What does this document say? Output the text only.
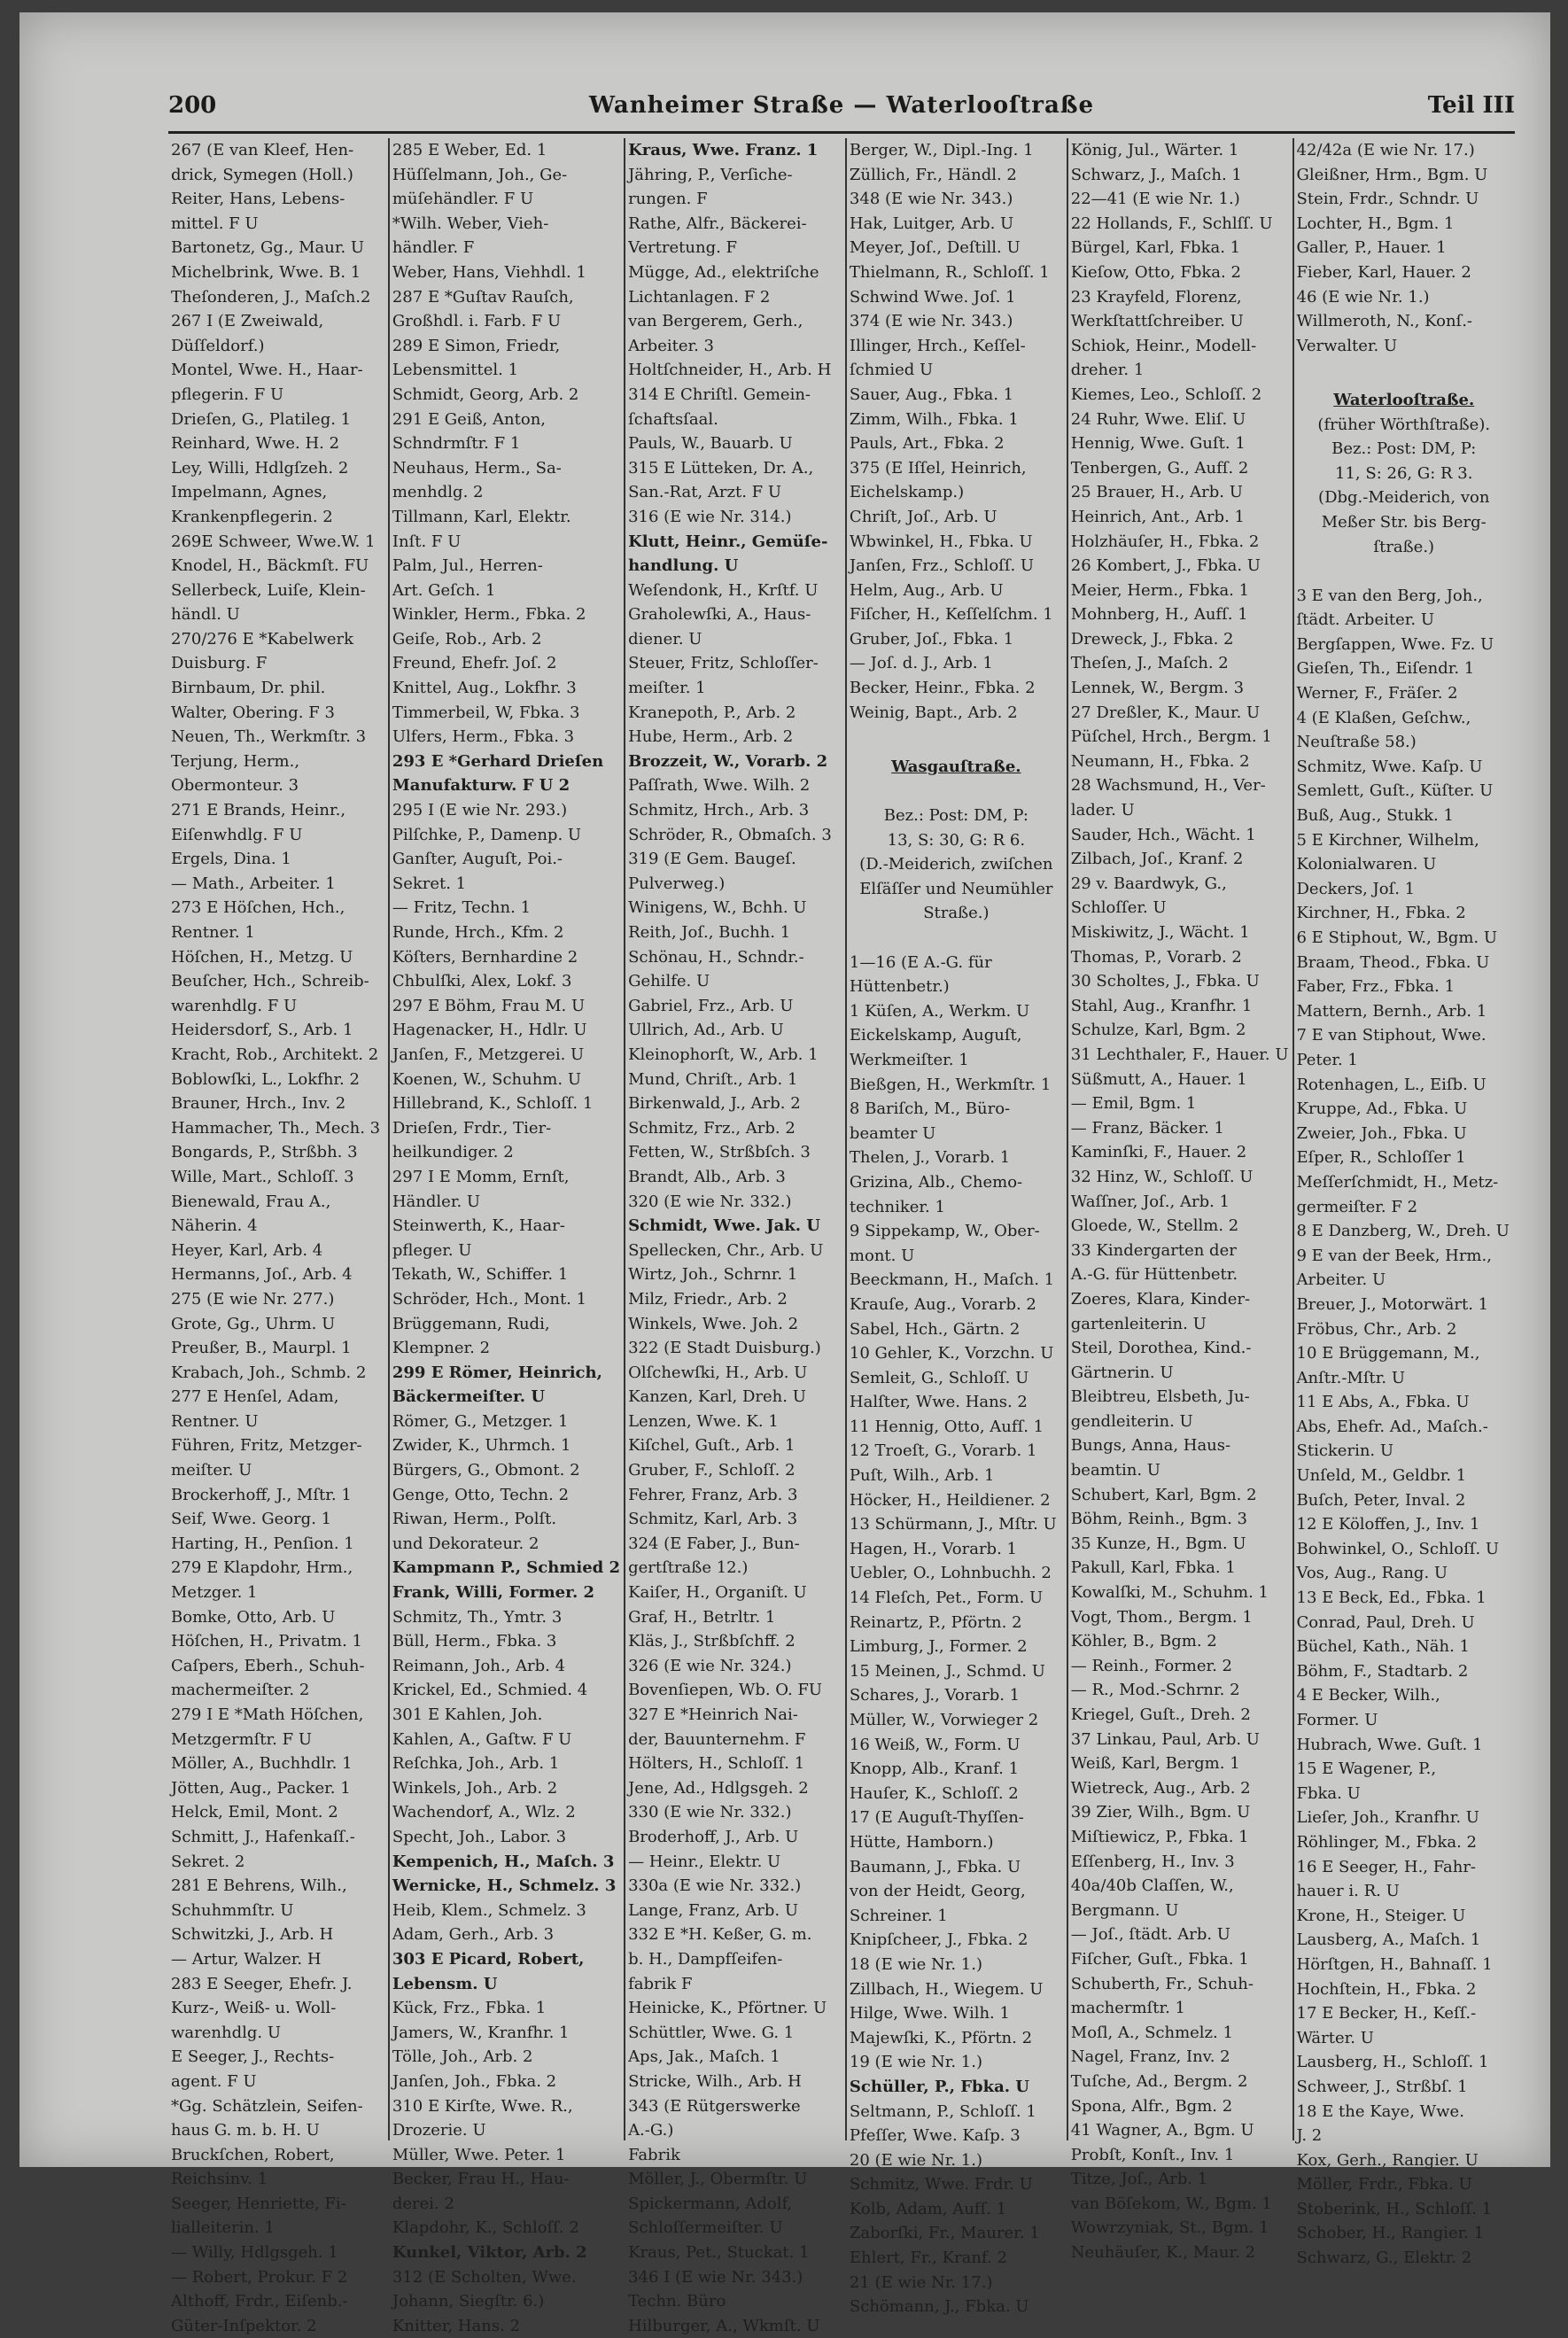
200	Wanheimer Straße — Waterlooſtraße	Teil III
267 (E van Kleef, Hen-
drick, Symegen (Holl.)
Reiter, Hans, Lebens-
mittel. F U
Bartonetz, Gg., Maur. U
Michelbrink, Wwe. B. 1
Theſonderen, J., Maſch.2
267 I (E Zweiwald,
Düſſeldorf.)
Montel, Wwe. H., Haar-
pflegerin. F U
Drieſen, G., Platileg. 1
Reinhard, Wwe. H. 2
Ley, Willi, Hdlgſzeh. 2
Impelmann, Agnes,
Krankenpflegerin. 2
269E Schweer, Wwe.W. 1
Knodel, H., Bäckmſt. FU
Sellerbeck, Luiſe, Klein-
händl. U
270/276 E *Kabelwerk
Duisburg. F
Birnbaum, Dr. phil.
Walter, Obering. F 3
Neuen, Th., Werkmſtr. 3
Terjung, Herm.,
Obermonteur. 3
271 E Brands, Heinr.,
Eiſenwhdlg. F U
Ergels, Dina. 1
— Math., Arbeiter. 1
273 E Höſchen, Hch.,
Rentner. 1
Höſchen, H., Metzg. U
Beuſcher, Hch., Schreib-
warenhdlg. F U
Heidersdorf, S., Arb. 1
Kracht, Rob., Architekt. 2
Boblowſki, L., Lokfhr. 2
Brauner, Hrch., Inv. 2
Hammacher, Th., Mech. 3
Bongards, P., Strßbh. 3
Wille, Mart., Schloſſ. 3
Bienewald, Frau A.,
Näherin. 4
Heyer, Karl, Arb. 4
Hermanns, Joſ., Arb. 4
275 (E wie Nr. 277.)
Grote, Gg., Uhrm. U
Preußer, B., Maurpl. 1
Krabach, Joh., Schmb. 2
277 E Henſel, Adam,
Rentner. U
Führen, Fritz, Metzger-
meiſter. U
Brockerhoff, J., Mſtr. 1
Seif, Wwe. Georg. 1
Harting, H., Penſion. 1
279 E Klapdohr, Hrm.,
Metzger. 1
Bomke, Otto, Arb. U
Höſchen, H., Privatm. 1
Caſpers, Eberh., Schuh-
machermeiſter. 2
279 I E *Math Höſchen,
Metzgermſtr. F U
Möller, A., Buchhdlr. 1
Jötten, Aug., Packer. 1
Helck, Emil, Mont. 2
Schmitt, J., Hafenkaſſ.-
Sekret. 2
281 E Behrens, Wilh.,
Schuhmmſtr. U
Schwitzki, J., Arb. H
— Artur, Walzer. H
283 E Seeger, Ehefr. J.
Kurz-, Weiß- u. Woll-
warenhdlg. U
E Seeger, J., Rechts-
agent. F U
*Gg. Schätzlein, Seifen-
haus G. m. b. H. U
Bruckſchen, Robert,
Reichsinv. 1
Seeger, Henriette, Fi-
lialleiterin. 1
— Willy, Hdlgsgeh. 1
— Robert, Prokur. F 2
Althoff, Frdr., Eiſenb.-
Güter-Inſpektor. 2
285 E Weber, Ed. 1
Hüſſelmann, Joh., Ge-
müſehändler. F U
*Wilh. Weber, Vieh-
händler. F
Weber, Hans, Viehhdl. 1
287 E *Guſtav Rauſch,
Großhdl. i. Farb. F U
289 E Simon, Friedr,
Lebensmittel. 1
Schmidt, Georg, Arb. 2
291 E Geiß, Anton,
Schndrmſtr. F 1
Neuhaus, Herm., Sa-
menhdlg. 2
Tillmann, Karl, Elektr.
Inſt. F U
Palm, Jul., Herren-
Art. Geſch. 1
Winkler, Herm., Fbka. 2
Geiſe, Rob., Arb. 2
Freund, Ehefr. Joſ. 2
Knittel, Aug., Lokfhr. 3
Timmerbeil, W, Fbka. 3
Ulfers, Herm., Fbka. 3
293 E *Gerhard Drieſen
Manufakturw. F U 2
295 I (E wie Nr. 293.)
Pilſchke, P., Damenp. U
Ganſter, Auguſt, Poi.-
Sekret. 1
— Fritz, Techn. 1
Runde, Hrch., Kfm. 2
Köſters, Bernhardine 2
Chbulſki, Alex, Lokf. 3
297 E Böhm, Frau M. U
Hagenacker, H., Hdlr. U
Janſen, F., Metzgerei. U
Koenen, W., Schuhm. U
Hillebrand, K., Schloſſ. 1
Drieſen, Frdr., Tier-
heilkundiger. 2
297 I E Momm, Ernſt,
Händler. U
Steinwerth, K., Haar-
pfleger. U
Tekath, W., Schiffer. 1
Schröder, Hch., Mont. 1
Brüggemann, Rudi,
Klempner. 2
299 E Römer, Heinrich,
Bäckermeiſter. U
Römer, G., Metzger. 1
Zwider, K., Uhrmch. 1
Bürgers, G., Obmont. 2
Genge, Otto, Techn. 2
Riwan, Herm., Polſt.
und Dekorateur. 2
Kampmann P., Schmied 2
Frank, Willi, Former. 2
Schmitz, Th., Ymtr. 3
Büll, Herm., Fbka. 3
Reimann, Joh., Arb. 4
Krickel, Ed., Schmied. 4
301 E Kahlen, Joh.
Kahlen, A., Gaſtw. F U
Reſchka, Joh., Arb. 1
Winkels, Joh., Arb. 2
Wachendorf, A., Wlz. 2
Specht, Joh., Labor. 3
Kempenich, H., Maſch. 3
Wernicke, H., Schmelz. 3
Heib, Klem., Schmelz. 3
Adam, Gerh., Arb. 3
303 E Picard, Robert,
Lebensm. U
Kück, Frz., Fbka. 1
Jamers, W., Kranfhr. 1
Tölle, Joh., Arb. 2
Janſen, Joh., Fbka. 2
310 E Kirſte, Wwe. R.,
Drozerie. U
Müller, Wwe. Peter. 1
Becker, Frau H., Hau-
derei. 2
Klapdohr, K., Schloſſ. 2
Kunkel, Viktor, Arb. 2
312 (E Scholten, Wwe.
Johann, Siegſtr. 6.)
Knitter, Hans. 2
Kraus, Wwe. Franz. 1
Jähring, P., Verſiche-
rungen. F
Rathe, Alfr., Bäckerei-
Vertretung. F
Mügge, Ad., elektriſche
Lichtanlagen. F 2
van Bergerem, Gerh.,
Arbeiter. 3
Holtſchneider, H., Arb. H
314 E Chriſtl. Gemein-
ſchaftsſaal.
Pauls, W., Bauarb. U
315 E Lütteken, Dr. A.,
San.-Rat, Arzt. F U
316 (E wie Nr. 314.)
Klutt, Heinr., Gemüſe-
handlung. U
Weſendonk, H., Krſtf. U
Graholewſki, A., Haus-
diener. U
Steuer, Fritz, Schloſſer-
meiſter. 1
Kranepoth, P., Arb. 2
Hube, Herm., Arb. 2
Brozzeit, W., Vorarb. 2
Paſſrath, Wwe. Wilh. 2
Schmitz, Hrch., Arb. 3
Schröder, R., Obmaſch. 3
319 (E Gem. Baugeſ.
Pulverweg.)
Winigens, W., Bchh. U
Reith, Joſ., Buchh. 1
Schönau, H., Schndr.-
Gehilfe. U
Gabriel, Frz., Arb. U
Ullrich, Ad., Arb. U
Kleinophorſt, W., Arb. 1
Mund, Chriſt., Arb. 1
Birkenwald, J., Arb. 2
Schmitz, Frz., Arb. 2
Fetten, W., Strßbſch. 3
Brandt, Alb., Arb. 3
320 (E wie Nr. 332.)
Schmidt, Wwe. Jak. U
Spellecken, Chr., Arb. U
Wirtz, Joh., Schrnr. 1
Milz, Friedr., Arb. 2
Winkels, Wwe. Joh. 2
322 (E Stadt Duisburg.)
Olſchewſki, H., Arb. U
Kanzen, Karl, Dreh. U
Lenzen, Wwe. K. 1
Kiſchel, Guſt., Arb. 1
Gruber, F., Schloſſ. 2
Fehrer, Franz, Arb. 3
Schmitz, Karl, Arb. 3
324 (E Faber, J., Bun-
gertſtraße 12.)
Kaiſer, H., Organiſt. U
Graf, H., Betrltr. 1
Kläs, J., Strßbſchff. 2
326 (E wie Nr. 324.)
Bovenſiepen, Wb. O. FU
327 E *Heinrich Nai-
der, Bauunternehm. F
Hölters, H., Schloſſ. 1
Jene, Ad., Hdlgsgeh. 2
330 (E wie Nr. 332.)
Broderhoff, J., Arb. U
— Heinr., Elektr. U
330a (E wie Nr. 332.)
Lange, Franz, Arb. U
332 E *H. Keßer, G. m.
b. H., Dampfſeifen-
fabrik F
Heinicke, K., Pförtner. U
Schüttler, Wwe. G. 1
Aps, Jak., Maſch. 1
Stricke, Wilh., Arb. H
343 (E Rütgerswerke
A.-G.)
Fabrik
Möller, J., Obermſtr. U
Spickermann, Adolf,
Schloſſermeiſter. U
Kraus, Pet., Stuckat. 1
346 I (E wie Nr. 343.)
Techn. Büro
Hilburger, A., Wkmſt. U
Berger, W., Dipl.-Ing. 1
Züllich, Fr., Händl. 2
348 (E wie Nr. 343.)
Hak, Luitger, Arb. U
Meyer, Joſ., Deſtill. U
Thielmann, R., Schloſſ. 1
Schwind Wwe. Joſ. 1
374 (E wie Nr. 343.)
Illinger, Hrch., Keſſel-
ſchmied U
Sauer, Aug., Fbka. 1
Zimm, Wilh., Fbka. 1
Pauls, Art., Fbka. 2
375 (E Iſſel, Heinrich,
Eichelskamp.)
Chriſt, Joſ., Arb. U
Wbwinkel, H., Fbka. U
Janſen, Frz., Schloſſ. U
Helm, Aug., Arb. U
Fiſcher, H., Keſſelſchm. 1
Gruber, Joſ., Fbka. 1
— Joſ. d. J., Arb. 1
Becker, Heinr., Fbka. 2
Weinig, Bapt., Arb. 2

Wasgauſtraße.

Bez.: Post: DM, P:
13, S: 30, G: R 6.
(D.-Meiderich, zwiſchen
Elſäſſer und Neumühler
Straße.)

1—16 (E A.-G. für
Hüttenbetr.)
1 Küſen, A., Werkm. U
Eickelskamp, Auguſt,
Werkmeiſter. 1
Bießgen, H., Werkmſtr. 1
8 Bariſch, M., Büro-
beamter U
Thelen, J., Vorarb. 1
Grizina, Alb., Chemo-
techniker. 1
9 Sippekamp, W., Ober-
mont. U
Beeckmann, H., Maſch. 1
Krauſe, Aug., Vorarb. 2
Sabel, Hch., Gärtn. 2
10 Gehler, K., Vorzchn. U
Semleit, G., Schloſſ. U
Halſter, Wwe. Hans. 2
11 Hennig, Otto, Aufſ. 1
12 Troeſt, G., Vorarb. 1
Puſt, Wilh., Arb. 1
Höcker, H., Heildiener. 2
13 Schürmann, J., Mſtr. U
Hagen, H., Vorarb. 1
Uebler, O., Lohnbuchh. 2
14 Fleſch, Pet., Form. U
Reinartz, P., Pförtn. 2
Limburg, J., Former. 2
15 Meinen, J., Schmd. U
Schares, J., Vorarb. 1
Müller, W., Vorwieger 2
16 Weiß, W., Form. U
Knopp, Alb., Kranf. 1
Hauſer, K., Schloſſ. 2
17 (E Auguſt-Thyſſen-
Hütte, Hamborn.)
Baumann, J., Fbka. U
von der Heidt, Georg,
Schreiner. 1
Knipſcheer, J., Fbka. 2
18 (E wie Nr. 1.)
Zillbach, H., Wiegem. U
Hilge, Wwe. Wilh. 1
Majewſki, K., Pförtn. 2
19 (E wie Nr. 1.)
Schüller, P., Fbka. U
Seltmann, P., Schloſſ. 1
Pfeſſer, Wwe. Kaſp. 3
20 (E wie Nr. 1.)
Schmitz, Wwe. Frdr. U
Kolb, Adam, Aufſ. 1
Zaborſki, Fr., Maurer. 1
Ehlert, Fr., Kranf. 2
21 (E wie Nr. 17.)
Schömann, J., Fbka. U
König, Jul., Wärter. 1
Schwarz, J., Maſch. 1
22—41 (E wie Nr. 1.)
22 Hollands, F., Schlſſ. U
Bürgel, Karl, Fbka. 1
Kieſow, Otto, Fbka. 2
23 Krayfeld, Florenz,
Werkſtattſchreiber. U
Schiok, Heinr., Modell-
dreher. 1
Kiemes, Leo., Schloſſ. 2
24 Ruhr, Wwe. Eliſ. U
Hennig, Wwe. Guſt. 1
Tenbergen, G., Aufſ. 2
25 Brauer, H., Arb. U
Heinrich, Ant., Arb. 1
Holzhäuſer, H., Fbka. 2
26 Kombert, J., Fbka. U
Meier, Herm., Fbka. 1
Mohnberg, H., Aufſ. 1
Dreweck, J., Fbka. 2
Theſen, J., Maſch. 2
Lennek, W., Bergm. 3
27 Dreßler, K., Maur. U
Püſchel, Hrch., Bergm. 1
Neumann, H., Fbka. 2
28 Wachsmund, H., Ver-
lader. U
Sauder, Hch., Wächt. 1
Zilbach, Joſ., Kranf. 2
29 v. Baardwyk, G.,
Schloſſer. U
Miskiwitz, J., Wächt. 1
Thomas, P., Vorarb. 2
30 Scholtes, J., Fbka. U
Stahl, Aug., Kranfhr. 1
Schulze, Karl, Bgm. 2
31 Lechthaler, F., Hauer. U
Süßmutt, A., Hauer. 1
— Emil, Bgm. 1
— Franz, Bäcker. 1
Kaminſki, F., Hauer. 2
32 Hinz, W., Schloſſ. U
Waſſner, Joſ., Arb. 1
Gloede, W., Stellm. 2
33 Kindergarten der
A.-G. für Hüttenbetr.
Zoeres, Klara, Kinder-
gartenleiterin. U
Steil, Dorothea, Kind.-
Gärtnerin. U
Bleibtreu, Elsbeth, Ju-
gendleiterin. U
Bungs, Anna, Haus-
beamtin. U
Schubert, Karl, Bgm. 2
Böhm, Reinh., Bgm. 3
35 Kunze, H., Bgm. U
Pakull, Karl, Fbka. 1
Kowalſki, M., Schuhm. 1
Vogt, Thom., Bergm. 1
Köhler, B., Bgm. 2
— Reinh., Former. 2
— R., Mod.-Schrnr. 2
Kriegel, Guſt., Dreh. 2
37 Linkau, Paul, Arb. U
Weiß, Karl, Bergm. 1
Wietreck, Aug., Arb. 2
39 Zier, Wilh., Bgm. U
Miſtiewicz, P., Fbka. 1
Eſſenberg, H., Inv. 3
40a/40b Claſſen, W.,
Bergmann. U
— Joſ., ſtädt. Arb. U
Fiſcher, Guſt., Fbka. 1
Schuberth, Fr., Schuh-
machermſtr. 1
Moſl, A., Schmelz. 1
Nagel, Franz, Inv. 2
Tuſche, Ad., Bergm. 2
Spona, Alfr., Bgm. 2
41 Wagner, A., Bgm. U
Probſt, Konſt., Inv. 1
Titze, Joſ., Arb. 1
van Böſekom, W., Bgm. 1
Wowrzyniak, St., Bgm. 1
Neuhäuſer, K., Maur. 2
42/42a (E wie Nr. 17.)
Gleißner, Hrm., Bgm. U
Stein, Frdr., Schndr. U
Lochter, H., Bgm. 1
Galler, P., Hauer. 1
Fieber, Karl, Hauer. 2
46 (E wie Nr. 1.)
Willmeroth, N., Konſ.-
Verwalter. U

Waterlooſtraße.
(früher Wörthſtraße).
Bez.: Post: DM, P:
11, S: 26, G: R 3.
(Dbg.-Meiderich, von
Meßer Str. bis Berg-
ſtraße.)

3 E van den Berg, Joh.,
ſtädt. Arbeiter. U
Bergſappen, Wwe. Fz. U
Gieſen, Th., Eiſendr. 1
Werner, F., Fräſer. 2
4 (E Klaßen, Geſchw.,
Neuſtraße 58.)
Schmitz, Wwe. Kaſp. U
Semlett, Guſt., Küſter. U
Buß, Aug., Stukk. 1
5 E Kirchner, Wilhelm,
Kolonialwaren. U
Deckers, Joſ. 1
Kirchner, H., Fbka. 2
6 E Stiphout, W., Bgm. U
Braam, Theod., Fbka. U
Faber, Frz., Fbka. 1
Mattern, Bernh., Arb. 1
7 E van Stiphout, Wwe.
Peter. 1
Rotenhagen, L., Eiſb. U
Kruppe, Ad., Fbka. U
Zweier, Joh., Fbka. U
Eſper, R., Schloſſer 1
Meſſerſchmidt, H., Metz-
germeiſter. F 2
8 E Danzberg, W., Dreh. U
9 E van der Beek, Hrm.,
Arbeiter. U
Breuer, J., Motorwärt. 1
Fröbus, Chr., Arb. 2
10 E Brüggemann, M.,
Anſtr.-Mſtr. U
11 E Abs, A., Fbka. U
Abs, Ehefr. Ad., Maſch.-
Stickerin. U
Unſeld, M., Geldbr. 1
Buſch, Peter, Inval. 2
12 E Köloffen, J., Inv. 1
Bohwinkel, O., Schloſſ. U
Vos, Aug., Rang. U
13 E Beck, Ed., Fbka. 1
Conrad, Paul, Dreh. U
Büchel, Kath., Näh. 1
Böhm, F., Stadtarb. 2
4 E Becker, Wilh.,
Former. U
Hubrach, Wwe. Guſt. 1
15 E Wagener, P.,
Fbka. U
Lieſer, Joh., Kranfhr. U
Röhlinger, M., Fbka. 2
16 E Seeger, H., Fahr-
hauer i. R. U
Krone, H., Steiger. U
Lausberg, A., Maſch. 1
Hörſtgen, H., Bahnaſſ. 1
Hochſtein, H., Fbka. 2
17 E Becker, H., Keſſ.-
Wärter. U
Lausberg, H., Schloſſ. 1
Schweer, J., Strßbſ. 1
18 E the Kaye, Wwe.
J. 2
Kox, Gerh., Rangier. U
Möller, Frdr., Fbka. U
Stoberink, H., Schloſſ. 1
Schober, H., Rangier. 1
Schwarz, G., Elektr. 2
